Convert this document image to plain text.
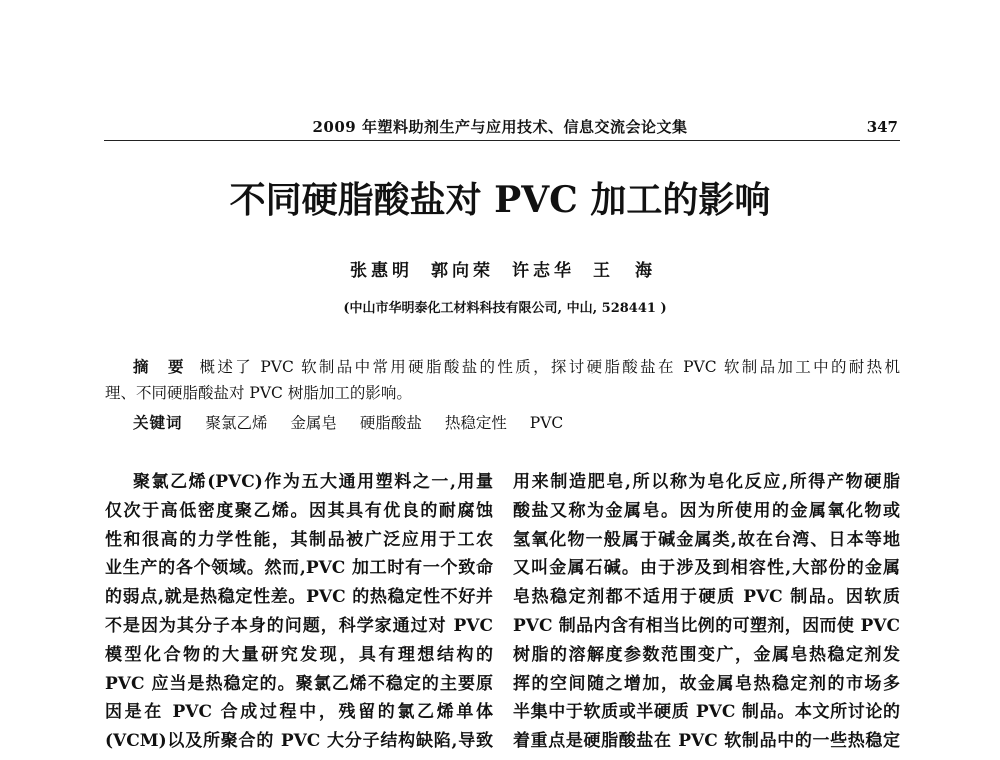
2009 年塑料助剂生产与应用技术、信息交流会论文集	347
不同硬脂酸盐对 PVC 加工的影响
张惠明 郭向荣 许志华 王　海
(中山市华明泰化工材料科技有限公司, 中山, 528441 )
摘　要 概述了 PVC 软制品中常用硬脂酸盐的性质，探讨硬脂酸盐在 PVC 软制品加工中的耐热机
理、不同硬脂酸盐对 PVC 树脂加工的影响。
关键词 聚氯乙烯 金属皂 硬脂酸盐 热稳定性 PVC
聚氯乙烯(PVC)作为五大通用塑料之一,用量
仅次于高低密度聚乙烯。因其具有优良的耐腐蚀
性和很高的力学性能，其制品被广泛应用于工农
业生产的各个领域。然而,PVC 加工时有一个致命
的弱点,就是热稳定性差。PVC 的热稳定性不好并
不是因为其分子本身的问题，科学家通过对 PVC
模型化合物的大量研究发现，具有理想结构的
PVC 应当是热稳定的。聚氯乙烯不稳定的主要原
因是在 PVC 合成过程中，残留的氯乙烯单体
(VCM)以及所聚合的 PVC 大分子结构缺陷,导致
用来制造肥皂,所以称为皂化反应,所得产物硬脂
酸盐又称为金属皂。因为所使用的金属氧化物或
氢氧化物一般属于碱金属类,故在台湾、日本等地
又叫金属石碱。由于涉及到相容性,大部份的金属
皂热稳定剂都不适用于硬质 PVC 制品。因软质
PVC 制品内含有相当比例的可塑剂，因而使 PVC
树脂的溶解度参数范围变广，金属皂热稳定剂发
挥的空间随之增加，故金属皂热稳定剂的市场多
半集中于软质或半硬质 PVC 制品。本文所讨论的
着重点是硬脂酸盐在 PVC 软制品中的一些热稳定
